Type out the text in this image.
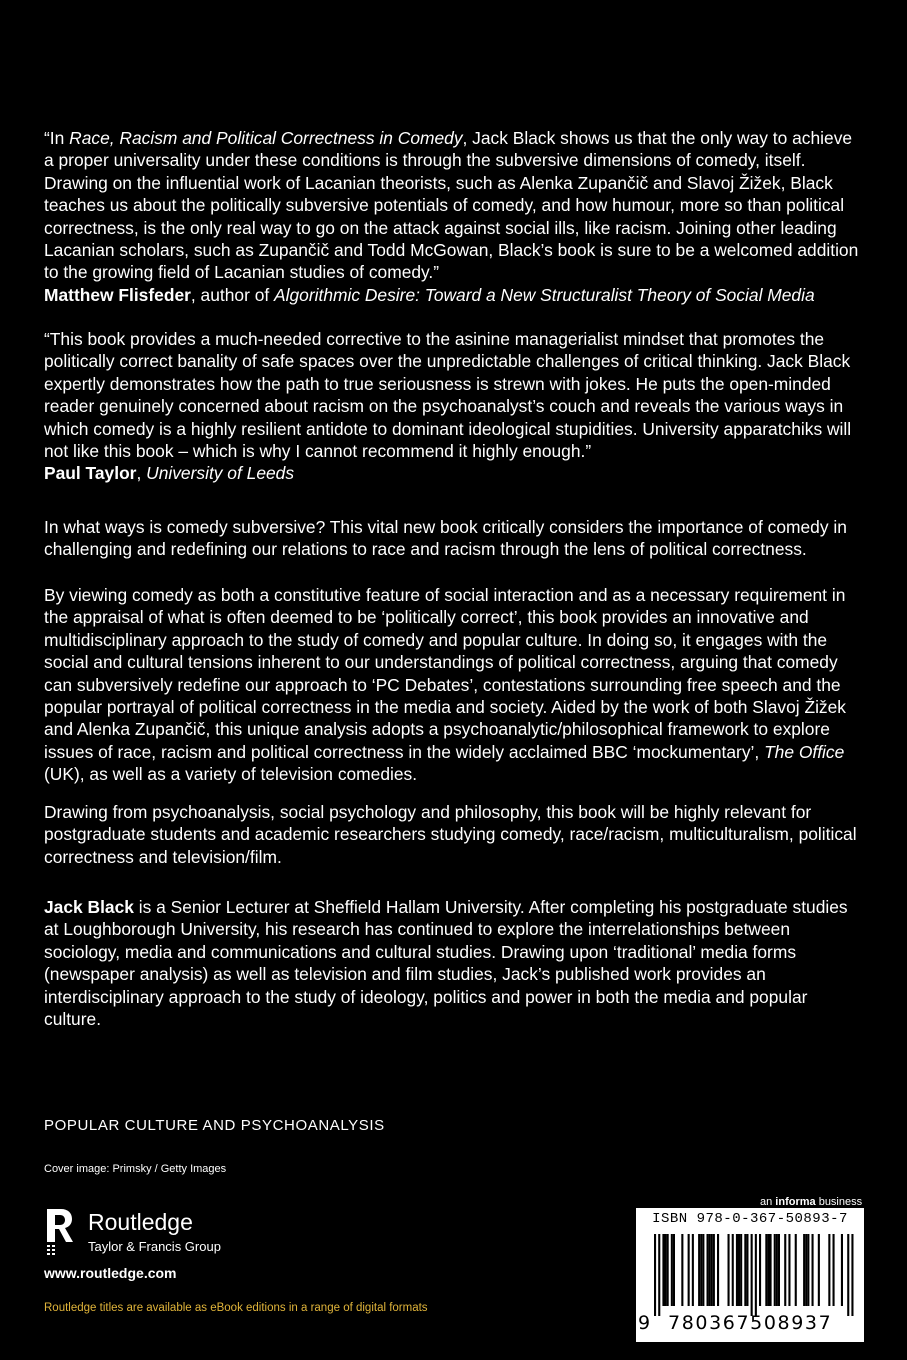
“In Race, Racism and Political Correctness in Comedy, Jack Black shows us that the only way to achieve a proper universality under these conditions is through the subversive dimensions of comedy, itself. Drawing on the influential work of Lacanian theorists, such as Alenka Zupančič and Slavoj Žižek, Black teaches us about the politically subversive potentials of comedy, and how humour, more so than political correctness, is the only real way to go on the attack against social ills, like racism. Joining other leading Lacanian scholars, such as Zupančič and Todd McGowan, Black’s book is sure to be a welcomed addition to the growing field of Lacanian studies of comedy.”

Matthew Flisfeder, author of Algorithmic Desire: Toward a New Structuralist Theory of Social Media

“This book provides a much-needed corrective to the asinine managerialist mindset that promotes the politically correct banality of safe spaces over the unpredictable challenges of critical thinking. Jack Black expertly demonstrates how the path to true seriousness is strewn with jokes. He puts the open-minded reader genuinely concerned about racism on the psychoanalyst’s couch and reveals the various ways in which comedy is a highly resilient antidote to dominant ideological stupidities. University apparatchiks will not like this book – which is why I cannot recommend it highly enough.”

Paul Taylor, University of Leeds

In what ways is comedy subversive? This vital new book critically considers the importance of comedy in challenging and redefining our relations to race and racism through the lens of political correctness.

By viewing comedy as both a constitutive feature of social interaction and as a necessary requirement in the appraisal of what is often deemed to be ‘politically correct’, this book provides an innovative and multidisciplinary approach to the study of comedy and popular culture. In doing so, it engages with the social and cultural tensions inherent to our understandings of political correctness, arguing that comedy can subversively redefine our approach to ‘PC Debates’, contestations surrounding free speech and the popular portrayal of political correctness in the media and society. Aided by the work of both Slavoj Žižek and Alenka Zupančič, this unique analysis adopts a psychoanalytic/philosophical framework to explore issues of race, racism and political correctness in the widely acclaimed BBC ‘mockumentary’, The Office (UK), as well as a variety of television comedies.

Drawing from psychoanalysis, social psychology and philosophy, this book will be highly relevant for postgraduate students and academic researchers studying comedy, race/racism, multiculturalism, political correctness and television/film.

Jack Black is a Senior Lecturer at Sheffield Hallam University. After completing his postgraduate studies at Loughborough University, his research has continued to explore the interrelationships between sociology, media and communications and cultural studies. Drawing upon ‘traditional’ media forms (newspaper analysis) as well as television and film studies, Jack’s published work provides an interdisciplinary approach to the study of ideology, politics and power in both the media and popular culture.

POPULAR CULTURE AND PSYCHOANALYSIS
Cover image: Primsky / Getty Images
Routledge
Taylor & Francis Group
www.routledge.com
Routledge titles are available as eBook editions in a range of digital formats
an informa business
ISBN 978-0-367-50893-7
9 780367508937
